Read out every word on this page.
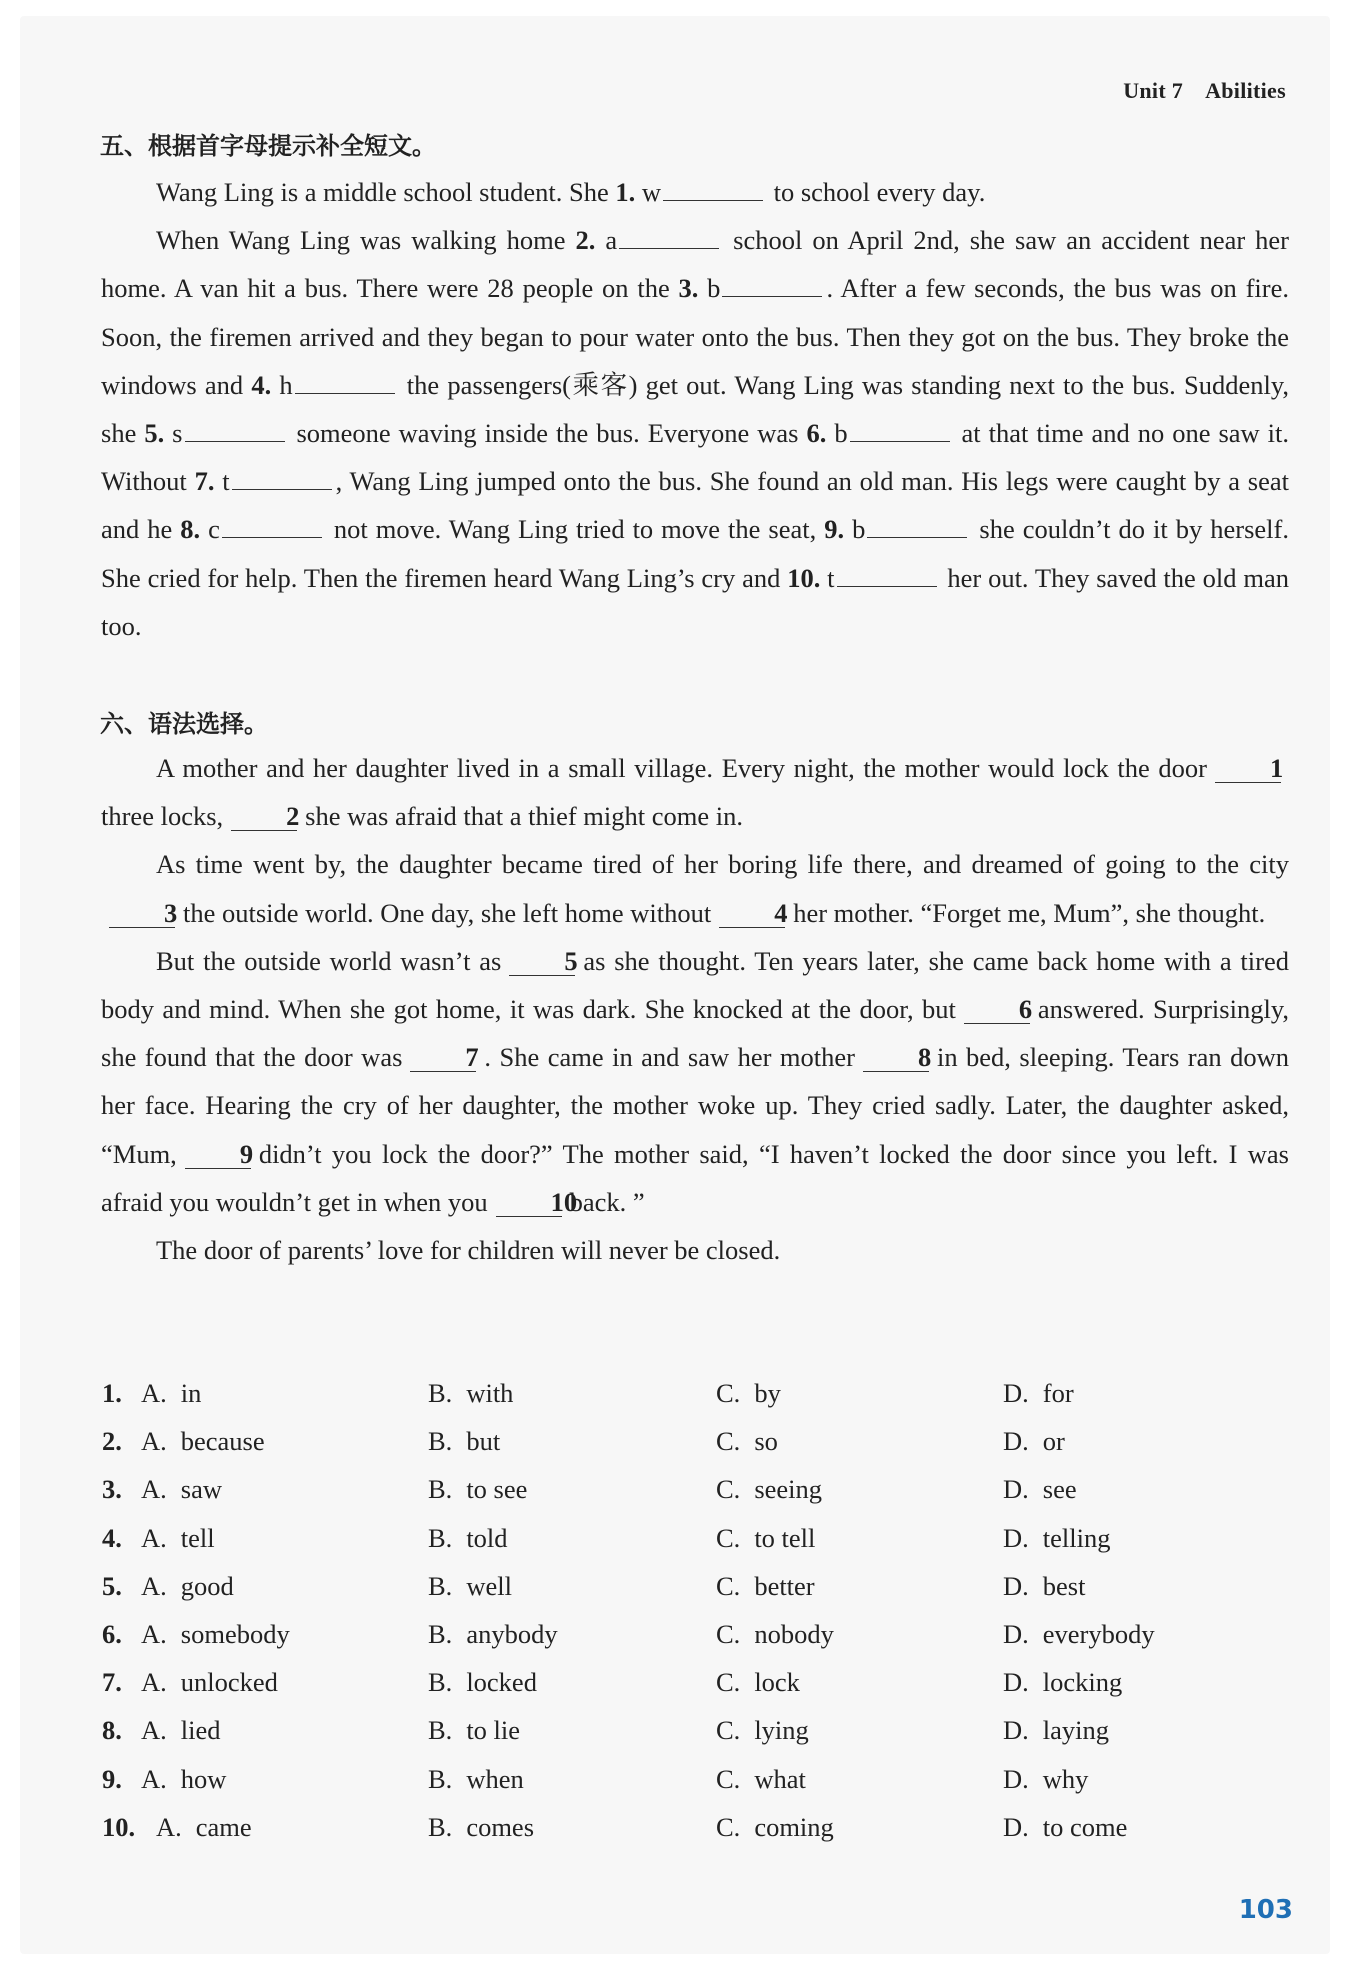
Unit 7 Abilities
五、根据首字母提示补全短文。

Wang Ling is a middle school student. She 1. w	to school every day.

When Wang Ling was walking home 2. a	school on April 2nd, she saw an accident near her home. A van hit a bus. There were 28 people on the 3. b	. After a few seconds, the bus was on fire. Soon, the firemen arrived and they began to pour water onto the bus. Then they got on the bus. They broke the windows and 4. h	the passengers(乘客) get out. Wang Ling was standing next to the bus. Suddenly, she 5. s	someone waving inside the bus. Everyone was 6. b	at that time and no one saw it. Without 7. t	, Wang Ling jumped onto the bus. She found an old man. His legs were caught by a seat and he 8. c	not move. Wang Ling tried to move the seat, 9. b	she couldn’t do it by herself. She cried for help. Then the firemen heard Wang Ling’s cry and 10. t	her out. They saved the old man too.

六、语法选择。

A mother and her daughter lived in a small village. Every night, the mother would lock the door 1three locks, 2 she was afraid that a thief might come in.

As time went by, the daughter became tired of her boring life there, and dreamed of going to the city3 the outside world. One day, she left home without 4 her mother. “Forget me, Mum”, she thought.

But the outside world wasn’t as 5 as she thought. Ten years later, she came back home with a tired body and mind. When she got home, it was dark. She knocked at the door, but 6 answered. Surprisingly, she found that the door was 7 . She came in and saw her mother 8 in bed, sleeping. Tears ran down her face. Hearing the cry of her daughter, the mother woke up. They cried sadly. Later, the daughter asked, “Mum, 9 didn’t you lock the door?” The mother said, “I haven’t locked the door since you left. I was afraid you wouldn’t get in when you 10back. ”

The door of parents’ love for children will never be closed.

1. A. in	B. with	C. by	D. for
2. A. because	B. but	C. so	D. or
3. A. saw	B. to see	C. seeing	D. see
4. A. tell	B. told	C. to tell	D. telling
5. A. good	B. well	C. better	D. best
6. A. somebody	B. anybody	C. nobody	D. everybody
7. A. unlocked	B. locked	C. lock	D. locking
8. A. lied	B. to lie	C. lying	D. laying
9. A. how	B. when	C. what	D. why
10. A. came	B. comes	C. coming	D. to come
103
